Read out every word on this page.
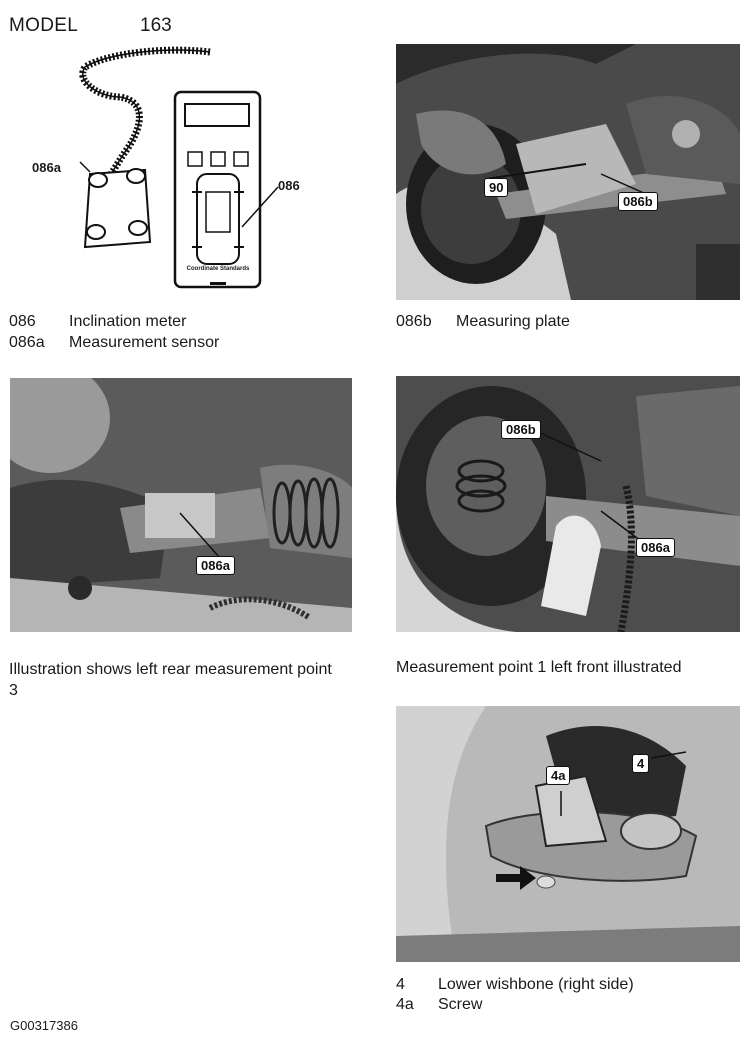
MODEL	163
086a
086
Coordinate Standards
086 Inclination meter
086a Measurement sensor
90
086b
086b Measuring plate
086a
Illustration shows left rear measurement point 3
086b
086a
Measurement point 1 left front illustrated
4a
4
4 Lower wishbone (right side)
4a Screw
G00317386
